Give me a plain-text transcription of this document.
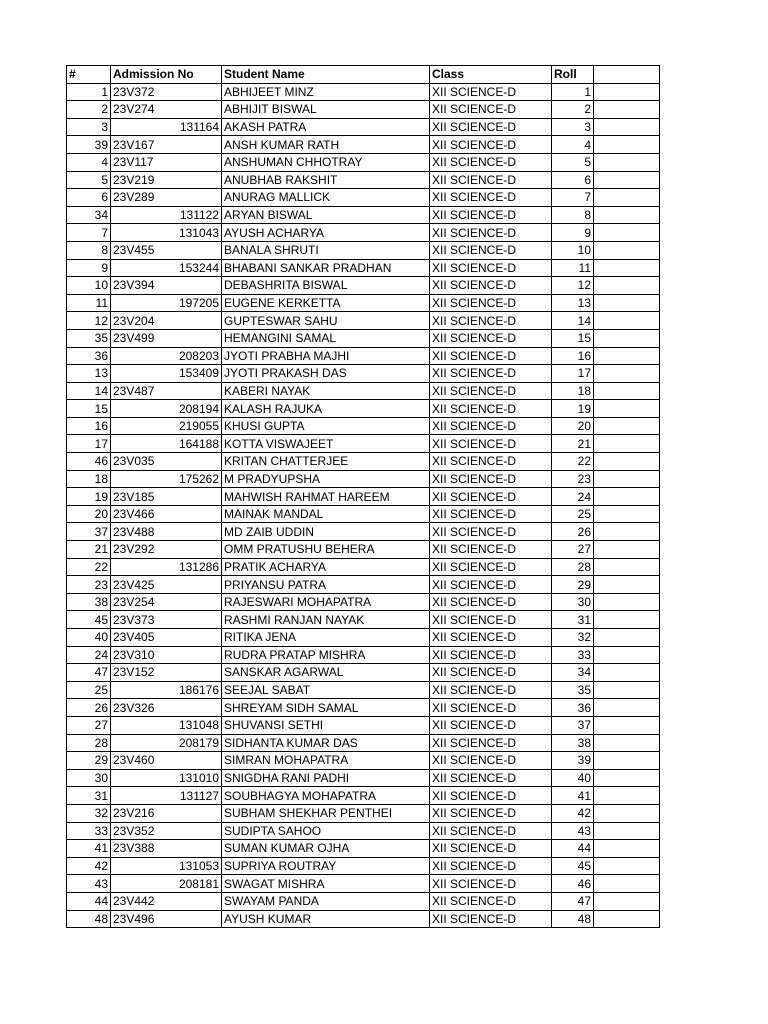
#	Admission No	Student Name	Class	Roll	
1	23V372	ABHIJEET MINZ	XII SCIENCE-D	1	
2	23V274	ABHIJIT BISWAL	XII SCIENCE-D	2	
3	131164	AKASH PATRA	XII SCIENCE-D	3	
39	23V167	ANSH KUMAR RATH	XII SCIENCE-D	4	
4	23V117	ANSHUMAN CHHOTRAY	XII SCIENCE-D	5	
5	23V219	ANUBHAB RAKSHIT	XII SCIENCE-D	6	
6	23V289	ANURAG MALLICK	XII SCIENCE-D	7	
34	131122	ARYAN BISWAL	XII SCIENCE-D	8	
7	131043	AYUSH ACHARYA	XII SCIENCE-D	9	
8	23V455	BANALA SHRUTI	XII SCIENCE-D	10	
9	153244	BHABANI SANKAR PRADHAN	XII SCIENCE-D	11	
10	23V394	DEBASHRITA BISWAL	XII SCIENCE-D	12	
11	197205	EUGENE KERKETTA	XII SCIENCE-D	13	
12	23V204	GUPTESWAR SAHU	XII SCIENCE-D	14	
35	23V499	HEMANGINI SAMAL	XII SCIENCE-D	15	
36	208203	JYOTI PRABHA MAJHI	XII SCIENCE-D	16	
13	153409	JYOTI PRAKASH DAS	XII SCIENCE-D	17	
14	23V487	KABERI NAYAK	XII SCIENCE-D	18	
15	208194	KALASH RAJUKA	XII SCIENCE-D	19	
16	219055	KHUSI GUPTA	XII SCIENCE-D	20	
17	164188	KOTTA VISWAJEET	XII SCIENCE-D	21	
46	23V035	KRITAN CHATTERJEE	XII SCIENCE-D	22	
18	175262	M PRADYUPSHA	XII SCIENCE-D	23	
19	23V185	MAHWISH RAHMAT HAREEM	XII SCIENCE-D	24	
20	23V466	MAINAK MANDAL	XII SCIENCE-D	25	
37	23V488	MD ZAIB UDDIN	XII SCIENCE-D	26	
21	23V292	OMM PRATUSHU BEHERA	XII SCIENCE-D	27	
22	131286	PRATIK ACHARYA	XII SCIENCE-D	28	
23	23V425	PRIYANSU PATRA	XII SCIENCE-D	29	
38	23V254	RAJESWARI MOHAPATRA	XII SCIENCE-D	30	
45	23V373	RASHMI RANJAN NAYAK	XII SCIENCE-D	31	
40	23V405	RITIKA JENA	XII SCIENCE-D	32	
24	23V310	RUDRA PRATAP MISHRA	XII SCIENCE-D	33	
47	23V152	SANSKAR AGARWAL	XII SCIENCE-D	34	
25	186176	SEEJAL SABAT	XII SCIENCE-D	35	
26	23V326	SHREYAM SIDH SAMAL	XII SCIENCE-D	36	
27	131048	SHUVANSI SETHI	XII SCIENCE-D	37	
28	208179	SIDHANTA KUMAR DAS	XII SCIENCE-D	38	
29	23V460	SIMRAN MOHAPATRA	XII SCIENCE-D	39	
30	131010	SNIGDHA RANI PADHI	XII SCIENCE-D	40	
31	131127	SOUBHAGYA MOHAPATRA	XII SCIENCE-D	41	
32	23V216	SUBHAM SHEKHAR PENTHEI	XII SCIENCE-D	42	
33	23V352	SUDIPTA SAHOO	XII SCIENCE-D	43	
41	23V388	SUMAN KUMAR OJHA	XII SCIENCE-D	44	
42	131053	SUPRIYA ROUTRAY	XII SCIENCE-D	45	
43	208181	SWAGAT MISHRA	XII SCIENCE-D	46	
44	23V442	SWAYAM PANDA	XII SCIENCE-D	47	
48	23V496	AYUSH KUMAR	XII SCIENCE-D	48	
